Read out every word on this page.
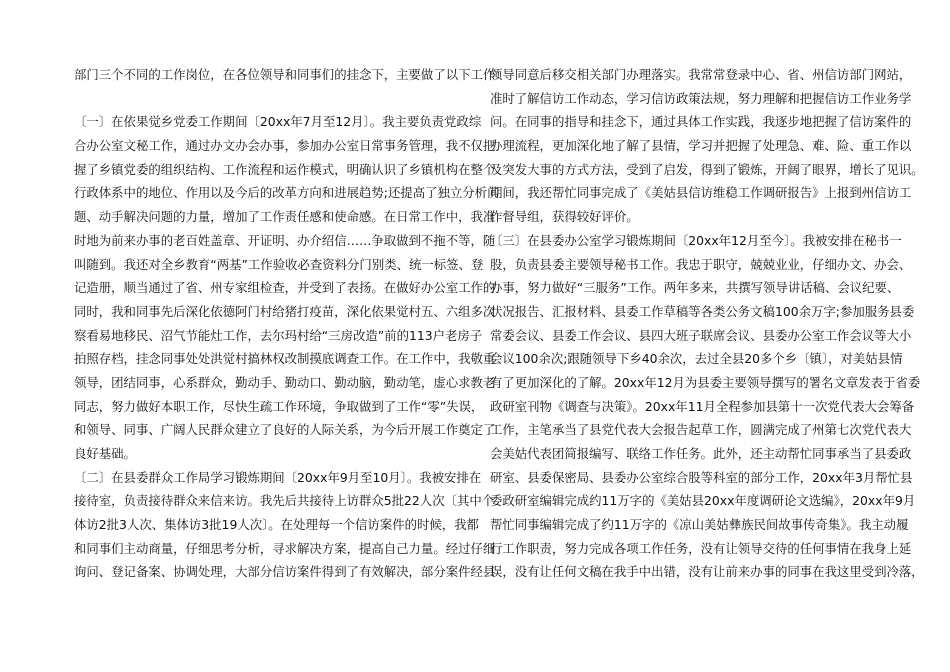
部门三个不同的工作岗位，在各位领导和同事们的挂念下，主要做了以下工作：
〔一〕在依果觉乡党委工作期间〔20xx年7月至12月〕。我主要负责党政综
合办公室文秘工作，通过办文办会办事，参加办公室日常事务管理，我不仅把
握了乡镇党委的组织结构、工作流程和运作模式，明确认识了乡镇机构在整个
行政体系中的地位、作用以及今后的改革方向和进展趋势;还提高了独立分析问
题、动手解决问题的力量，增加了工作责任感和使命感。在日常工作中，我准
时地为前来办事的老百姓盖章、开证明、办介绍信……争取做到不拖不等，随
叫随到。我还对全乡教育“两基”工作验收必查资料分门别类、统一标签、登
记造册，顺当通过了省、州专家组检查，并受到了表扬。在做好办公室工作的
同时，我和同事先后深化依德阿门村给猪打疫苗，深化依果觉村五、六组多次
察看易地移民、沼气节能灶工作，去尔玛村给“三房改造”前的113户老房子
拍照存档，挂念同事处处洪觉村搞林权改制摸底调查工作。在工作中，我敬重
领导，团结同事，心系群众，勤动手、勤动口、勤动脑，勤动笔，虚心求教老
同志，努力做好本职工作，尽快生疏工作环境，争取做到了工作“零”失误，
和领导、同事、广阔人民群众建立了良好的人际关系，为今后开展工作奠定了
良好基础。
〔二〕在县委群众工作局学习锻炼期间〔20xx年9月至10月〕。我被安排在
接待室，负责接待群众来信来访。我先后共接待上访群众5批22人次〔其中个
体访2批3人次、集体访3批19人次〕。在处理每一个信访案件的时候，我都
和同事们主动商量，仔细思考分析，寻求解决方案，提高自己力量。经过仔细
询问、登记备案、协调处理，大部分信访案件得到了有效解决，部分案件经县
领导同意后移交相关部门办理落实。我常常登录中心、省、州信访部门网站，
准时了解信访工作动态，学习信访政策法规，努力理解和把握信访工作业务学
问。在同事的指导和挂念下，通过具体工作实践，我逐步地把握了信访案件的
办理流程，更加深化地了解了县情，学习并把握了处理急、难、险、重工作以
及突发大事的方式方法，受到了启发，得到了锻炼，开阔了眼界，增长了见识。
期间，我还帮忙同事完成了《美姑县信访维稳工作调研报告》上报到州信访工
作督导组，获得较好评价。
〔三〕在县委办公室学习锻炼期间〔20xx年12月至今〕。我被安排在秘书一
股，负责县委主要领导秘书工作。我忠于职守，兢兢业业，仔细办文、办会、
办事，努力做好“三服务”工作。两年多来，共撰写领导讲话稿、会议纪要、
状况报告、汇报材料、县委工作草稿等各类公务文稿100余万字;参加服务县委
常委会议、县委工作会议、县四大班子联席会议、县委办公室工作会议等大小
会议100余次;跟随领导下乡40余次，去过全县20多个乡〔镇〕，对美姑县情
有了更加深化的了解。20xx年12月为县委主要领导撰写的署名文章发表于省委
政研室刊物《调查与决策》。20xx年11月全程参加县第十一次党代表大会筹备
工作，主笔承当了县党代表大会报告起草工作，圆满完成了州第七次党代表大
会美姑代表团简报编写、联络工作任务。此外，还主动帮忙同事承当了县委政
研室、县委保密局、县委办公室综合股等科室的部分工作，20xx年3月帮忙县
委政研室编辑完成约11万字的《美姑县20xx年度调研论文选编》，20xx年9月
帮忙同事编辑完成了约11万字的《凉山美姑彝族民间故事传奇集》。我主动履
行工作职责，努力完成各项工作任务，没有让领导交待的任何事情在我身上延
误，没有让任何文稿在我手中出错，没有让前来办事的同事在我这里受到冷落，
